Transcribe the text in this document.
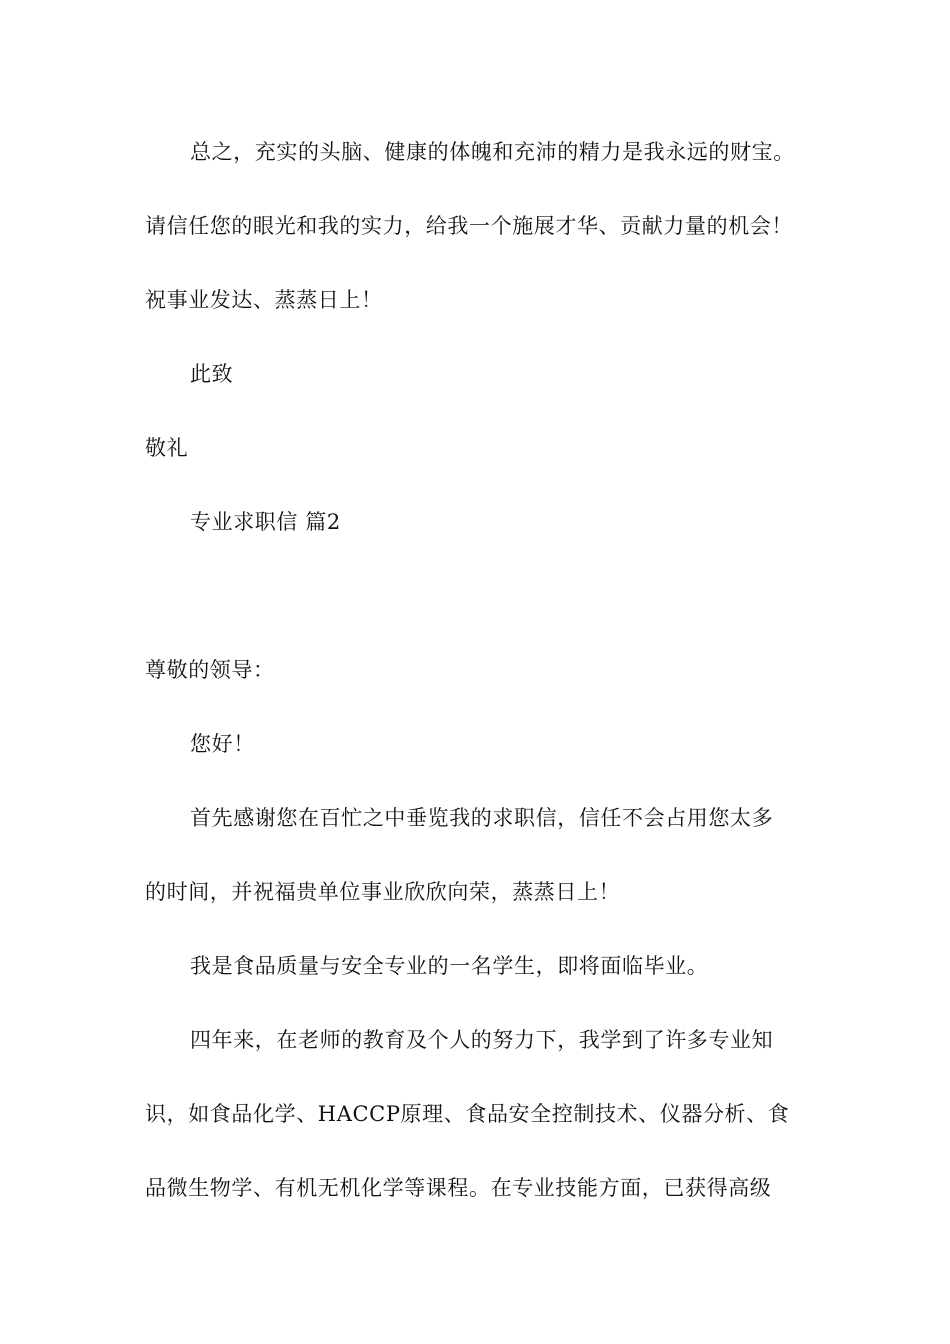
总之，充实的头脑、健康的体魄和充沛的精力是我永远的财宝。
请信任您的眼光和我的实力，给我一个施展才华、贡献力量的机会！
祝事业发达、蒸蒸日上！
此致
敬礼
专业求职信 篇2
尊敬的领导：
您好！
首先感谢您在百忙之中垂览我的求职信，信任不会占用您太多
的时间，并祝福贵单位事业欣欣向荣，蒸蒸日上！
我是食品质量与安全专业的一名学生，即将面临毕业。
四年来，在老师的教育及个人的努力下，我学到了许多专业知
识，如食品化学、HACCP原理、食品安全控制技术、仪器分析、食
品微生物学、有机无机化学等课程。在专业技能方面，已获得高级
